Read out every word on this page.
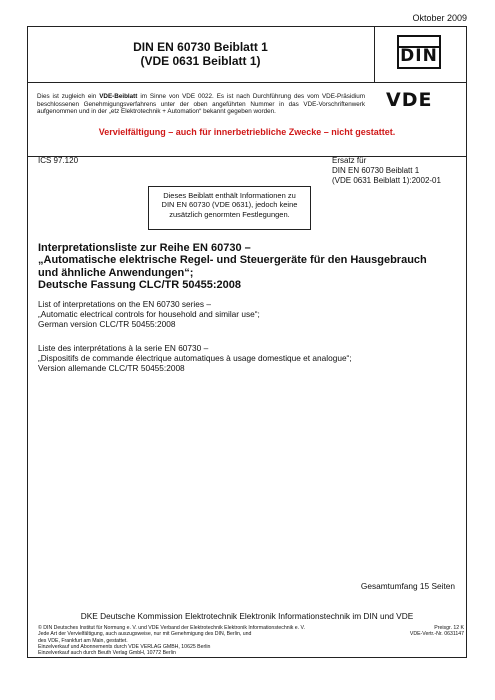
Oktober 2009
DIN EN 60730 Beiblatt 1
(VDE 0631 Beiblatt 1)	DIN
VDE
Dies ist zugleich ein VDE-Beiblatt im Sinne von VDE 0022. Es ist nach Durchführung des vom VDE-Präsidium beschlossenen Genehmigungsverfahrens unter der oben angeführten Nummer in das VDE-Vorschriftenwerk aufgenommen und in der „etz Elektrotechnik + Automation“ bekannt gegeben worden.
Vervielfältigung – auch für innerbetriebliche Zwecke – nicht gestattet.
ICS 97.120	Ersatz für
DIN EN 60730 Beiblatt 1
(VDE 0631 Beiblatt 1):2002-01
Dieses Beiblatt enthält Informationen zu
DIN EN 60730 (VDE 0631), jedoch keine
zusätzlich genormten Festlegungen.
Interpretationsliste zur Reihe EN 60730 –
„Automatische elektrische Regel- und Steuergeräte für den Hausgebrauch
und ähnliche Anwendungen“;
Deutsche Fassung CLC/TR 50455:2008
List of interpretations on the EN 60730 series –
„Automatic electrical controls for household and similar use“;
German version CLC/TR 50455:2008
Liste des interprétations à la serie EN 60730 –
„Dispositifs de commande électrique automatiques à usage domestique et analogue“;
Version allemande CLC/TR 50455:2008
Gesamtumfang 15 Seiten
DKE Deutsche Kommission Elektrotechnik Elektronik Informationstechnik im DIN und VDE
© DIN Deutsches Institut für Normung e. V. und VDE Verband der Elektrotechnik Elektronik Informationstechnik e. V.
Jede Art der Vervielfältigung, auch auszugsweise, nur mit Genehmigung des DIN, Berlin, und
des VDE, Frankfurt am Main, gestattet.
Einzelverkauf und Abonnements durch VDE VERLAG GMBH, 10625 Berlin
Einzelverkauf auch durch Beuth Verlag GmbH, 10772 Berlin
Preisgr. 12 K
VDE-Vertr.-Nr. 0631147
